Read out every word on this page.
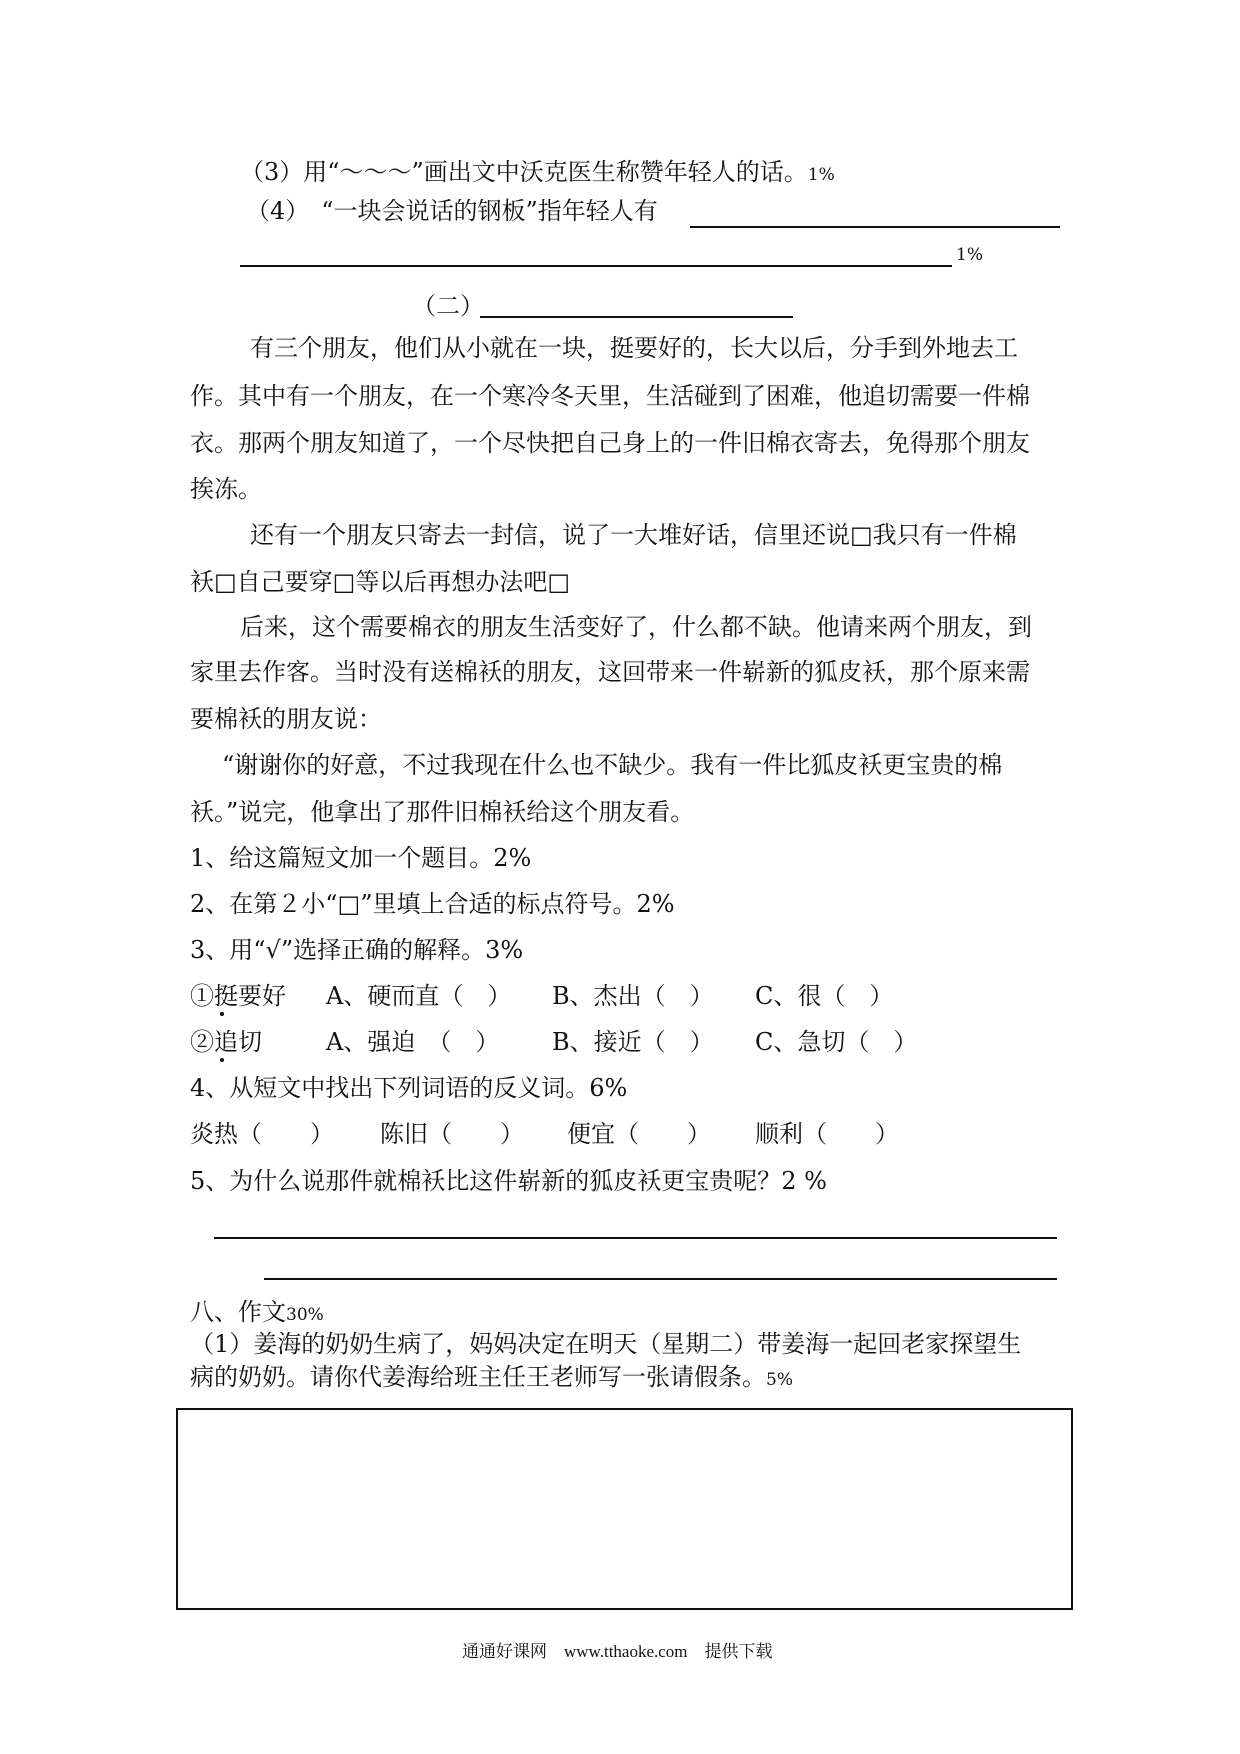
（3）用“～～～”画出文中沃克医生称赞年轻人的话。1%
（4）　“一块会说话的钢板”指年轻人有
1%
（二）
有三个朋友，他们从小就在一块，挺要好的，长大以后，分手到外地去工
作。其中有一个朋友，在一个寒冷冬天里，生活碰到了困难，他追切需要一件棉
衣。那两个朋友知道了，一个尽快把自己身上的一件旧棉衣寄去，免得那个朋友
挨冻。
还有一个朋友只寄去一封信，说了一大堆好话，信里还说□我只有一件棉
袄□自己要穿□等以后再想办法吧□
后来，这个需要棉衣的朋友生活变好了，什么都不缺。他请来两个朋友，到
家里去作客。当时没有送棉袄的朋友，这回带来一件崭新的狐皮袄，那个原来需
要棉袄的朋友说：
“谢谢你的好意，不过我现在什么也不缺少。我有一件比狐皮袄更宝贵的棉
袄。”说完，他拿出了那件旧棉袄给这个朋友看。
1、给这篇短文加一个题目。2%
2、在第２小“□”里填上合适的标点符号。2%
3、用“√”选择正确的解释。3%
①挺要好 A、硬而直（　） B、杰出（　） C、很（　）
②追切	A、强迫　（　） B、接近（　） C、急切（　）
4、从短文中找出下列词语的反义词。6%
炎热（　　） 陈旧（　　） 便宜（　　） 顺利（　　）
5、为什么说那件就棉袄比这件崭新的狐皮袄更宝贵呢？2 %
八、作文30%
（1）姜海的奶奶生病了，妈妈决定在明天（星期二）带姜海一起回老家探望生
病的奶奶。请你代姜海给班主任王老师写一张请假条。5%
通通好课网　www.tthaoke.com　提供下载
